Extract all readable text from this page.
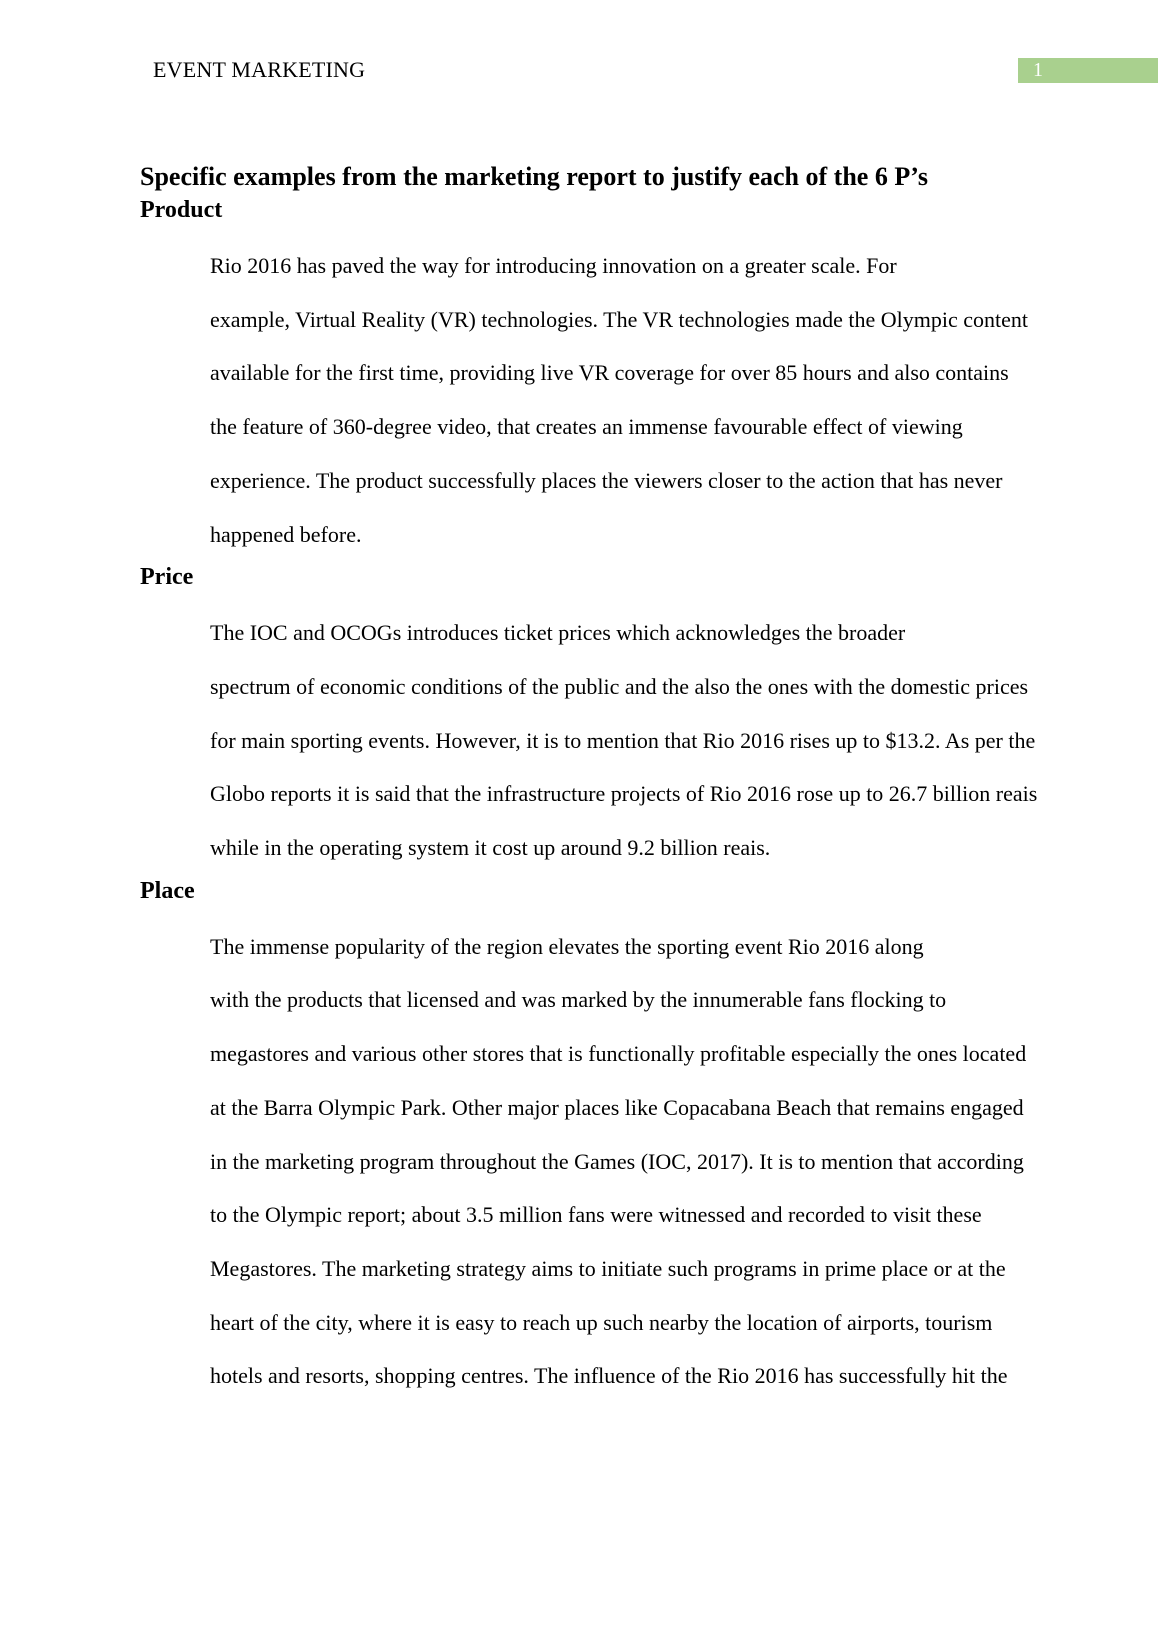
EVENT MARKETING	1
Specific examples from the marketing report to justify each of the 6 P’s
Product

Rio 2016 has paved the way for introducing innovation on a greater scale. For
example, Virtual Reality (VR) technologies. The VR technologies made the Olympic content
available for the first time, providing live VR coverage for over 85 hours and also contains
the feature of 360-degree video, that creates an immense favourable effect of viewing
experience. The product successfully places the viewers closer to the action that has never
happened before.

Price

The IOC and OCOGs introduces ticket prices which acknowledges the broader
spectrum of economic conditions of the public and the also the ones with the domestic prices
for main sporting events. However, it is to mention that Rio 2016 rises up to $13.2. As per the
Globo reports it is said that the infrastructure projects of Rio 2016 rose up to 26.7 billion reais
while in the operating system it cost up around 9.2 billion reais.

Place

The immense popularity of the region elevates the sporting event Rio 2016 along
with the products that licensed and was marked by the innumerable fans flocking to
megastores and various other stores that is functionally profitable especially the ones located
at the Barra Olympic Park. Other major places like Copacabana Beach that remains engaged
in the marketing program throughout the Games (IOC, 2017). It is to mention that according
to the Olympic report; about 3.5 million fans were witnessed and recorded to visit these
Megastores. The marketing strategy aims to initiate such programs in prime place or at the
heart of the city, where it is easy to reach up such nearby the location of airports, tourism
hotels and resorts, shopping centres. The influence of the Rio 2016 has successfully hit the
